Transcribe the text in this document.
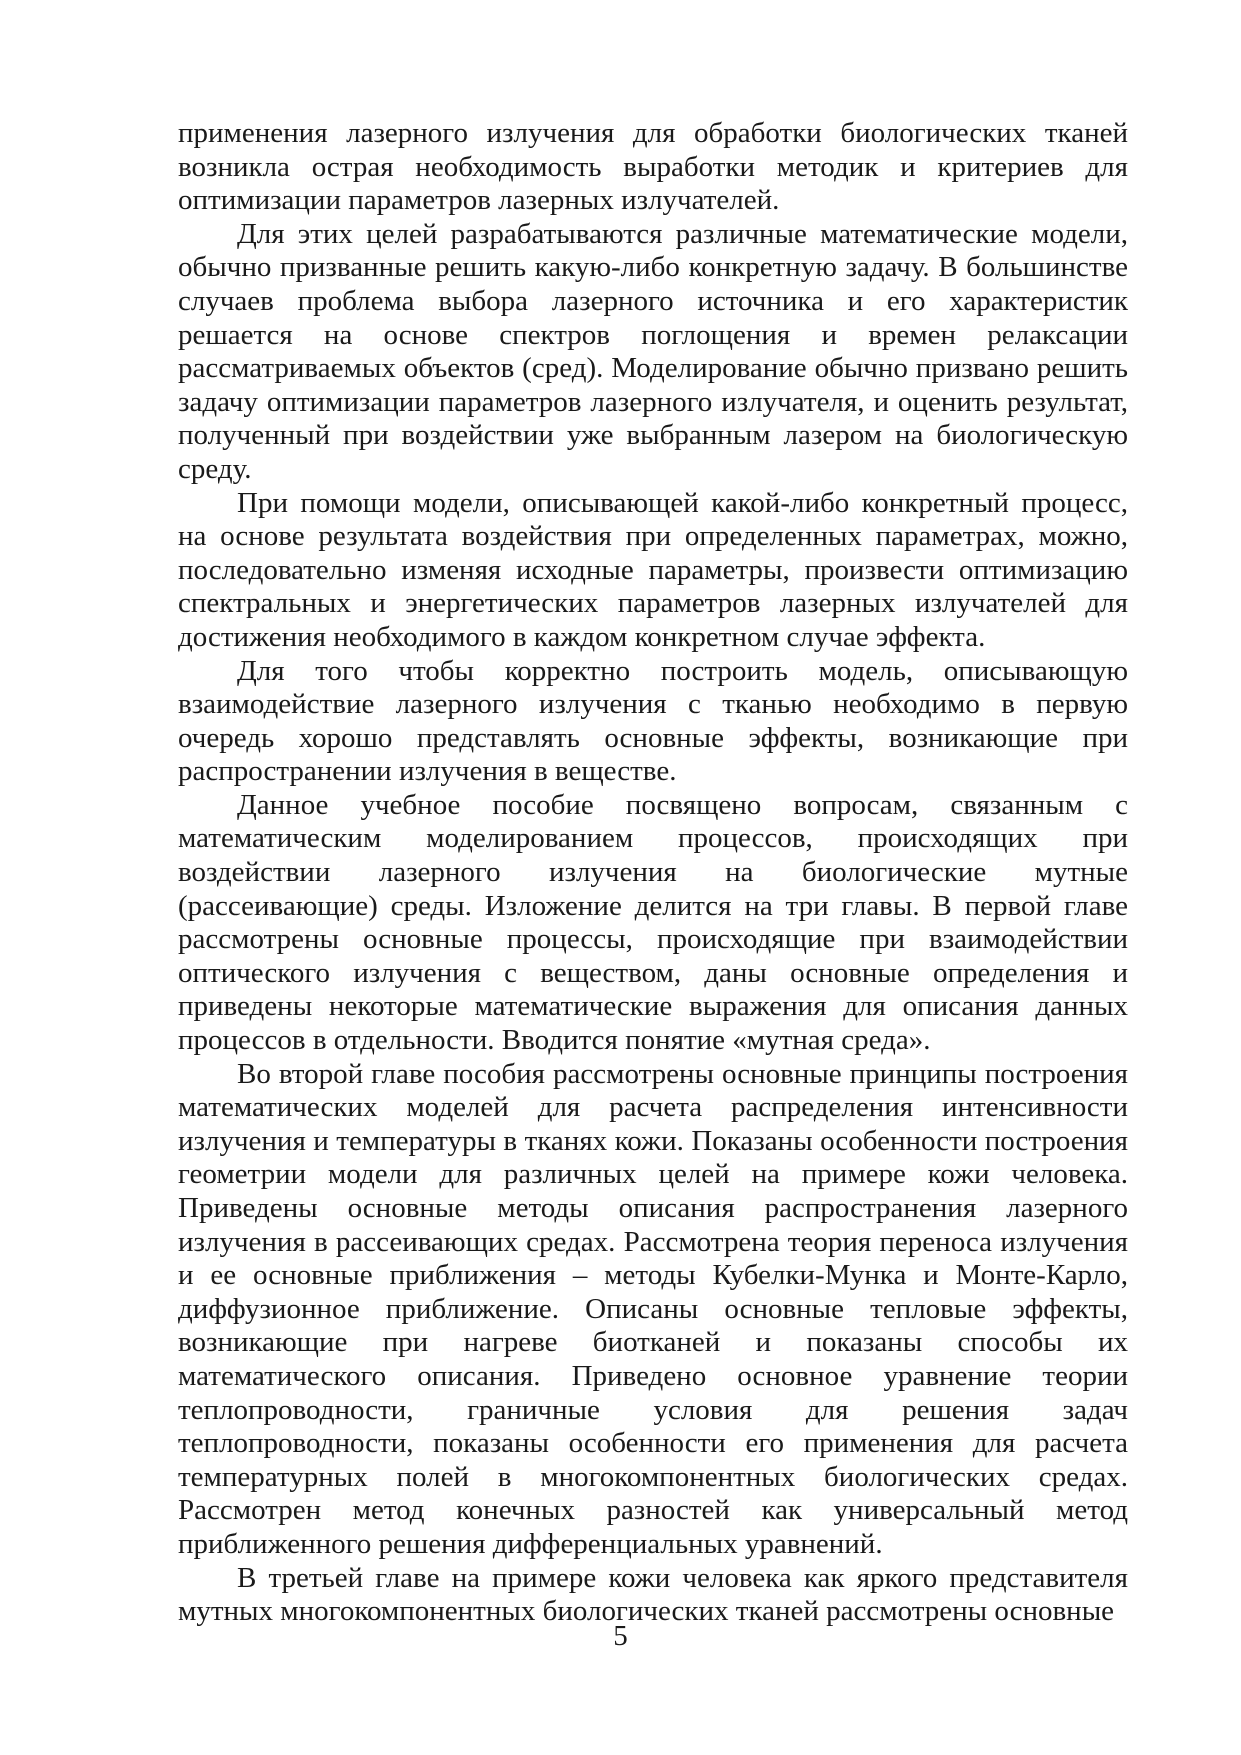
применения лазерного излучения для обработки биологических тканей возникла острая необходимость выработки методик и критериев для оптимизации параметров лазерных излучателей.

Для этих целей разрабатываются различные математические модели, обычно призванные решить какую-либо конкретную задачу. В большинстве случаев проблема выбора лазерного источника и его характеристик решается на основе спектров поглощения и времен релаксации рассматриваемых объектов (сред). Моделирование обычно призвано решить задачу оптимизации параметров лазерного излучателя, и оценить результат, полученный при воздействии уже выбранным лазером на биологическую среду.

При помощи модели, описывающей какой-либо конкретный процесс, на основе результата воздействия при определенных параметрах, можно, последовательно изменяя исходные параметры, произвести оптимизацию спектральных и энергетических параметров лазерных излучателей для достижения необходимого в каждом конкретном случае эффекта.

Для того чтобы корректно построить модель, описывающую взаимодействие лазерного излучения с тканью необходимо в первую очередь хорошо представлять основные эффекты, возникающие при распространении излучения в веществе.

Данное учебное пособие посвящено вопросам, связанным с математическим моделированием процессов, происходящих при воздействии лазерного излучения на биологические мутные (рассеивающие) среды. Изложение делится на три главы. В первой главе рассмотрены основные процессы, происходящие при взаимодействии оптического излучения с веществом, даны основные определения и приведены некоторые математические выражения для описания данных процессов в отдельности. Вводится понятие «мутная среда».

Во второй главе пособия рассмотрены основные принципы построения математических моделей для расчета распределения интенсивности излучения и температуры в тканях кожи. Показаны особенности построения геометрии модели для различных целей на примере кожи человека. Приведены основные методы описания распространения лазерного излучения в рассеивающих средах. Рассмотрена теория переноса излучения и ее основные приближения – методы Кубелки-Мунка и Монте-Карло, диффузионное приближение. Описаны основные тепловые эффекты, возникающие при нагреве биотканей и показаны способы их математического описания. Приведено основное уравнение теории теплопроводности, граничные условия для решения задач теплопроводности, показаны особенности его применения для расчета температурных полей в многокомпонентных биологических средах. Рассмотрен метод конечных разностей как универсальный метод приближенного решения дифференциальных уравнений.

В третьей главе на примере кожи человека как яркого представителя мутных многокомпонентных биологических тканей рассмотрены основные

5
